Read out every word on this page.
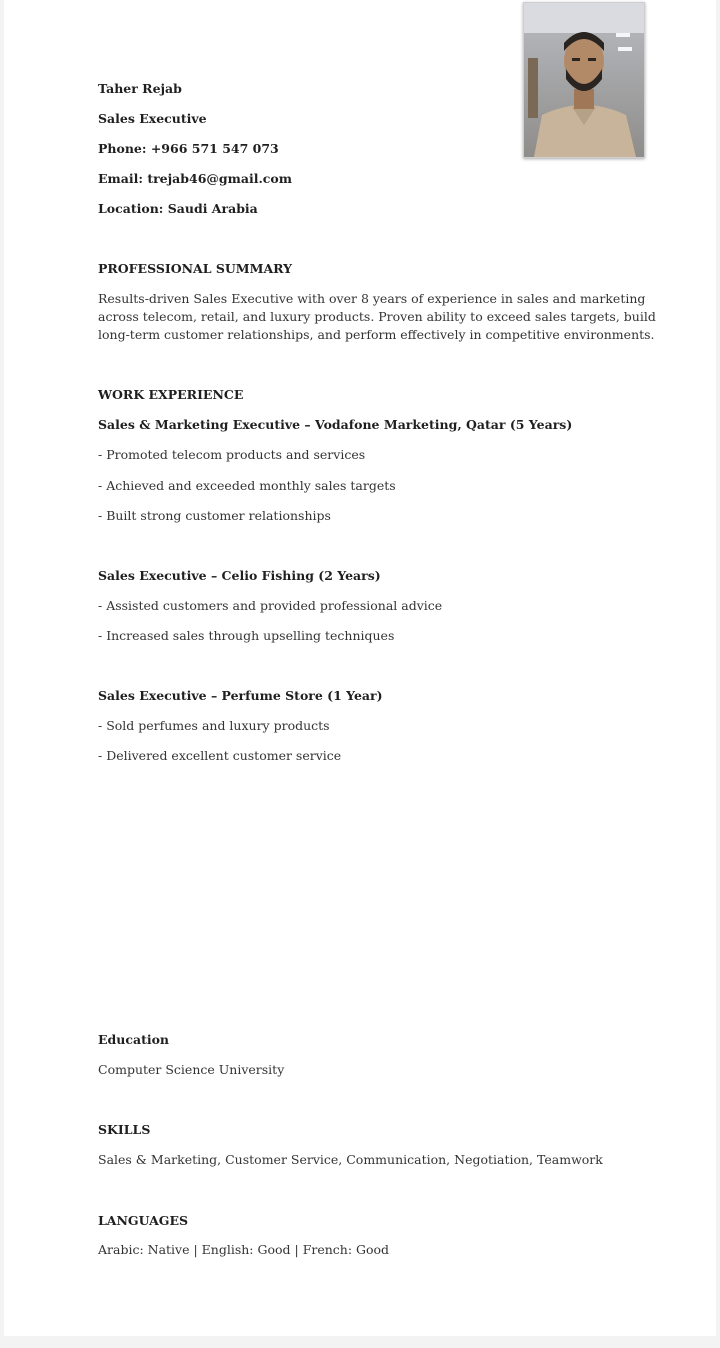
Taher Rejab

Sales Executive

Phone: +966 571 547 073

Email: trejab46@gmail.com

Location: Saudi Arabia

PROFESSIONAL SUMMARY

Results-driven Sales Executive with over 8 years of experience in sales and marketing

across telecom, retail, and luxury products. Proven ability to exceed sales targets, build

long-term customer relationships, and perform effectively in competitive environments.

WORK EXPERIENCE

Sales & Marketing Executive – Vodafone Marketing, Qatar (5 Years)

- Promoted telecom products and services

- Achieved and exceeded monthly sales targets

- Built strong customer relationships

Sales Executive – Celio Fishing (2 Years)

- Assisted customers and provided professional advice

- Increased sales through upselling techniques

Sales Executive – Perfume Store (1 Year)

- Sold perfumes and luxury products

- Delivered excellent customer service

Education

Computer Science University

SKILLS

Sales & Marketing, Customer Service, Communication, Negotiation, Teamwork

LANGUAGES

Arabic: Native | English: Good | French: Good
